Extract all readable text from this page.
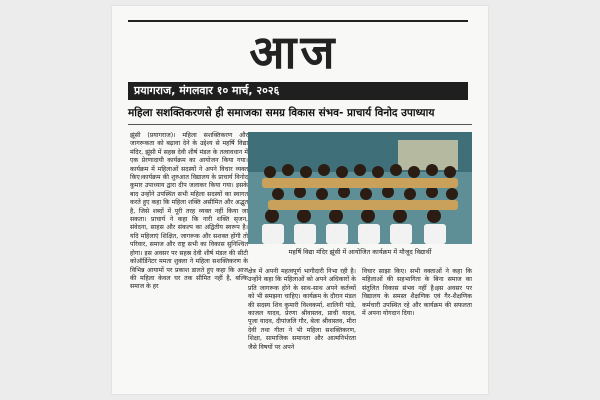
आज
प्रयागराज, मंगलवार १० मार्च, २०२६
महिला सशक्तिकरणसे ही समाजका समग्र विकास संभव- प्राचार्य विनोद उपाध्याय
झूंसी (प्रयागराज)। महिला सशक्तिकरण और जागरूकता को बढ़ावा देने के उद्देश्य से महर्षि विद्या मंदिर, झूंसी में सहस्र देवी शीर्ष मंडल के तत्वावधान में एक प्रेरणादायी कार्यक्रम का आयोजन किया गया। कार्यक्रम में महिलाओं सदस्यों ने अपने विचार व्यक्त किए।कार्यक्रम की शुरुआत विद्यालय के प्राचार्य विनोद कुमार उपाध्याय द्वारा दीप जलाकर किया गया। इसके बाद उन्होंने उपस्थित सभी महिला सदस्यों का स्वागत करते हुए कहा कि महिला शक्ति असीमित और अद्भुत है, जिसे शब्दों में पूरी तरह व्यक्त नहीं किया जा सकता। प्राचार्य ने कहा कि नारी शक्ति सृजन, संवेदना, साहस और संकल्प का अद्वितीय स्वरूप है। यदि महिलाएं शिक्षित, जागरूक और सशक्त होंगी तो परिवार, समाज और राष्ट्र सभी का विकास सुनिश्चित होगा। इस अवसर पर सहस्र देवी शीर्ष मंडल की सीटी कोऑर्डिनेटर ममता शुक्ला ने महिला सशक्तिकरण के विभिन्न आयामों पर प्रकाश डालते हुए कहा कि आज की महिला केवल घर तक सीमित नहीं है, बल्कि समाज के हर
महर्षि विद्या मंदिर झूंसी में आयोजित कार्यक्रम में मौजूद विद्यार्थी
क्षेत्र में अपनी महत्वपूर्ण भागीदारी निभा रही है। उन्होंने कहा कि महिलाओं को अपने अधिकारों के प्रति जागरूक होने के साथ-साथ अपने कर्तव्यों को भी समझना चाहिए। कार्यक्रम के दौरान मंडल की सदस्य शिव कुमारी विश्वकर्मा, शालिनी पांडे, काजल यादव, प्रेरणा श्रीवास्तव, प्राची यादव, पूजा यादव, दीपांजलि गौर, बेला श्रीवास्तव, मीरा देवी तथा गीता ने भी महिला सशक्तिकरण, शिक्षा, सामाजिक समानता और आत्मनिर्भरता जैसे विषयों पर अपने
विचार साझा किए। सभी वक्ताओं ने कहा कि महिलाओं की सहभागिता के बिना समाज का संतुलित विकास संभव नहीं है।इस अवसर पर विद्यालय के समस्त शैक्षणिक एवं गैर-शैक्षणिक कर्मचारी उपस्थित रहे और कार्यक्रम की सफलता में अपना योगदान दिया।
